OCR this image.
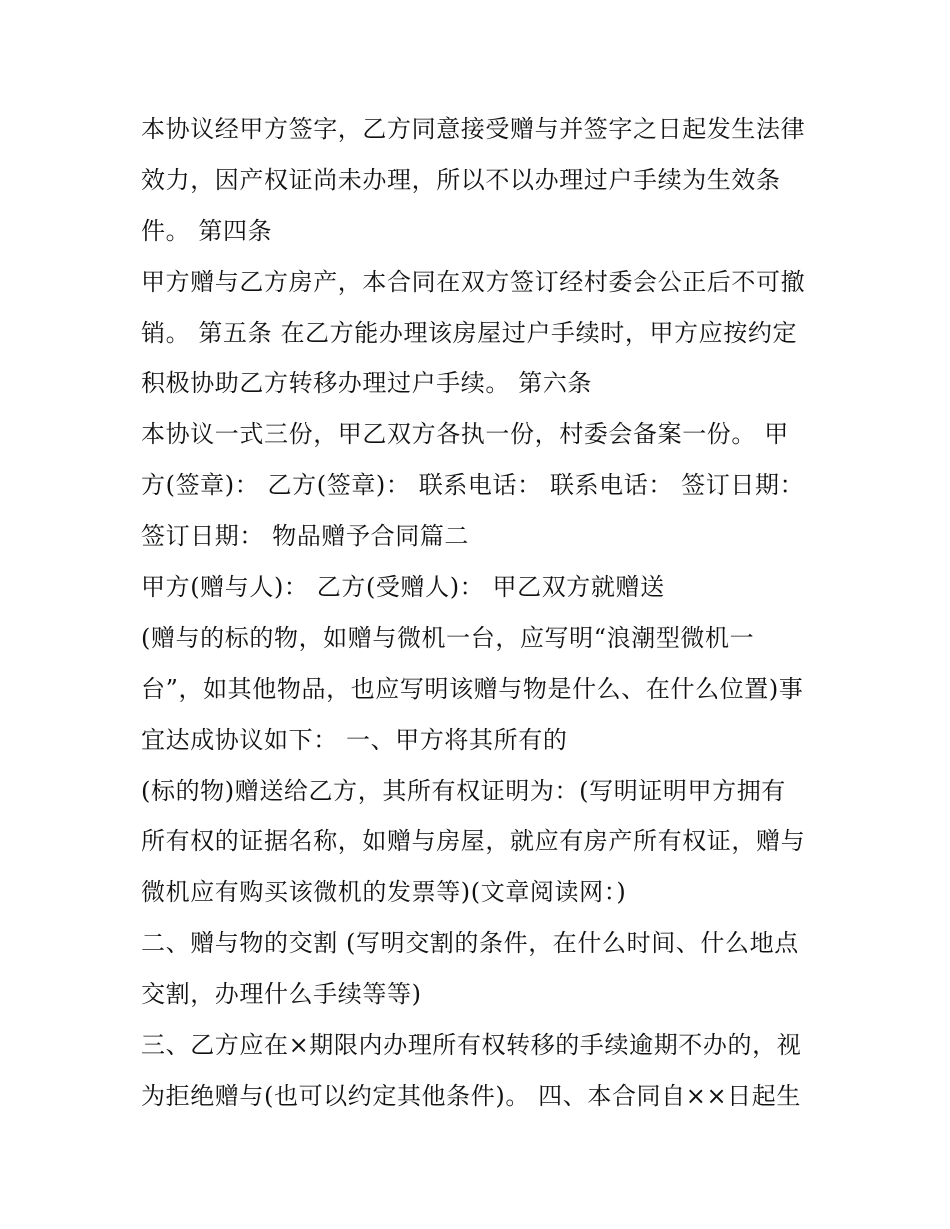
本协议经甲方签字，乙方同意接受赠与并签字之日起发生法律
效力，因产权证尚未办理，所以不以办理过户手续为生效条
件。 第四条
甲方赠与乙方房产，本合同在双方签订经村委会公正后不可撤
销。 第五条 在乙方能办理该房屋过户手续时，甲方应按约定
积极协助乙方转移办理过户手续。 第六条
本协议一式三份，甲乙双方各执一份，村委会备案一份。 甲
方(签章)： 乙方(签章)： 联系电话： 联系电话： 签订日期：
签订日期： 物品赠予合同篇二
甲方(赠与人)： 乙方(受赠人)： 甲乙双方就赠送
(赠与的标的物，如赠与微机一台，应写明“浪潮型微机一
台”，如其他物品，也应写明该赠与物是什么、在什么位置)事
宜达成协议如下： 一、甲方将其所有的
(标的物)赠送给乙方，其所有权证明为：(写明证明甲方拥有
所有权的证据名称，如赠与房屋，就应有房产所有权证，赠与
微机应有购买该微机的发票等)(文章阅读网：)
二、赠与物的交割 (写明交割的条件，在什么时间、什么地点
交割，办理什么手续等等)
三、乙方应在×期限内办理所有权转移的手续逾期不办的，视
为拒绝赠与(也可以约定其他条件)。 四、本合同自××日起生
